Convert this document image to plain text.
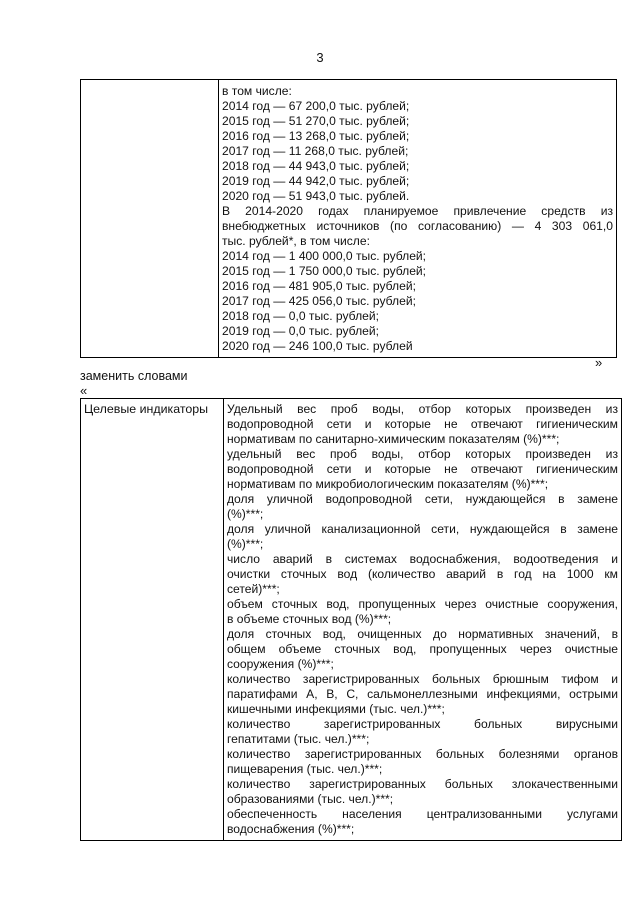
3

в том числе:
2014 год — 67 200,0 тыс. рублей;
2015 год — 51 270,0 тыс. рублей;
2016 год — 13 268,0 тыс. рублей;
2017 год — 11 268,0 тыс. рублей;
2018 год — 44 943,0 тыс. рублей;
2019 год — 44 942,0 тыс. рублей;
2020 год — 51 943,0 тыс. рублей.
В 2014-2020 годах планируемое привлечение средств из
внебюджетных источников (по согласованию) — 4 303 061,0
тыс. рублей*, в том числе:
2014 год — 1 400 000,0 тыс. рублей;
2015 год — 1 750 000,0 тыс. рублей;
2016 год — 481 905,0 тыс. рублей;
2017 год — 425 056,0 тыс. рублей;
2018 год — 0,0 тыс. рублей;
2019 год — 0,0 тыс. рублей;
2020 год — 246 100,0 тыс. рублей
»
заменить словами
«
Целевые индикаторы	Удельный вес проб воды, отбор которых произведен из
водопроводной сети и которые не отвечают гигиеническим
нормативам по санитарно-химическим показателям (%)***;
удельный вес проб воды, отбор которых произведен из
водопроводной сети и которые не отвечают гигиеническим
нормативам по микробиологическим показателям (%)***;
доля уличной водопроводной сети, нуждающейся в замене
(%)***;
доля уличной канализационной сети, нуждающейся в замене
(%)***;
число аварий в системах водоснабжения, водоотведения и
очистки сточных вод (количество аварий в год на 1000 км
сетей)***;
объем сточных вод, пропущенных через очистные сооружения,
в объеме сточных вод (%)***;
доля сточных вод, очищенных до нормативных значений, в
общем объеме сточных вод, пропущенных через очистные
сооружения (%)***;
количество зарегистрированных больных брюшным тифом и
паратифами А, В, С, сальмонеллезными инфекциями, острыми
кишечными инфекциями (тыс. чел.)***;
количество зарегистрированных больных вирусными
гепатитами (тыс. чел.)***;
количество зарегистрированных больных болезнями органов
пищеварения (тыс. чел.)***;
количество зарегистрированных больных злокачественными
образованиями (тыс. чел.)***;
обеспеченность населения централизованными услугами
водоснабжения (%)***;
